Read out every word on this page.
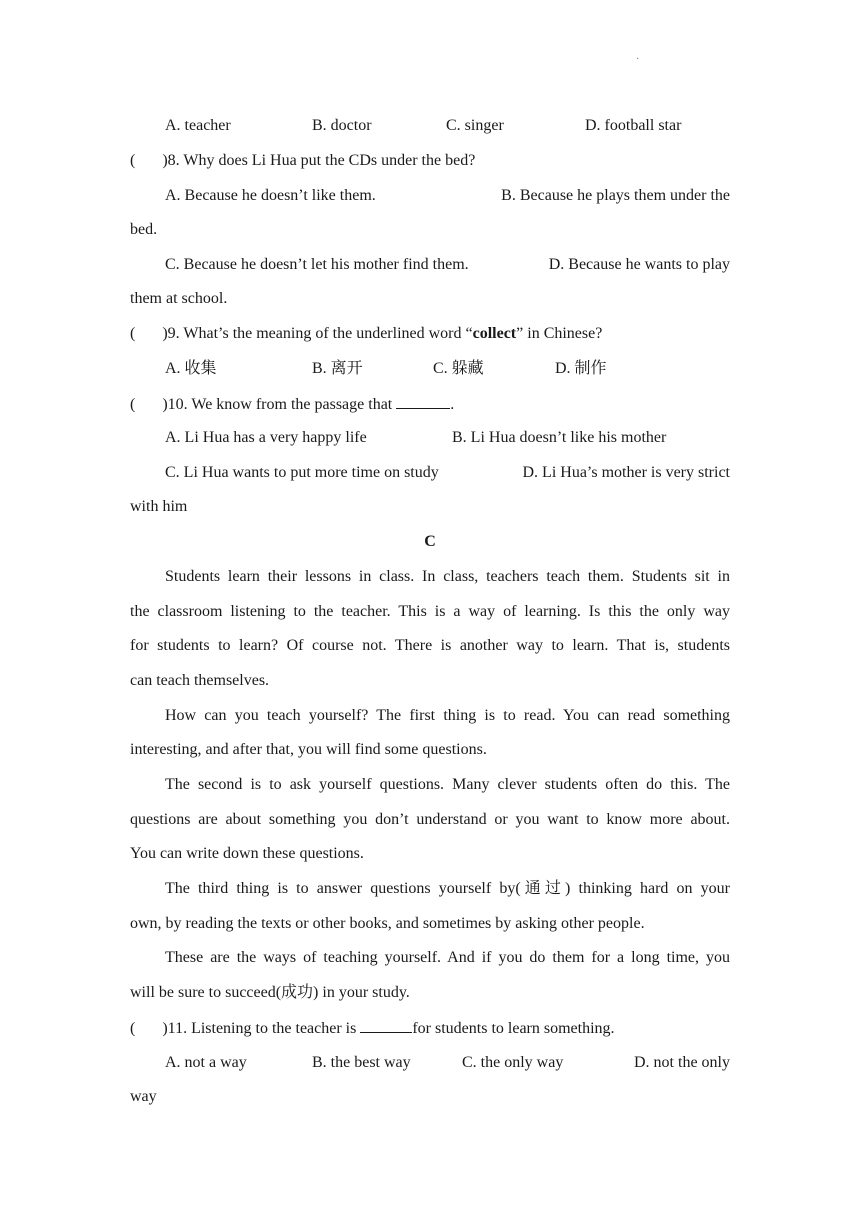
·
A. teacher	B. doctor	C. singer	D. football star
( )8. Why does Li Hua put the CDs under the bed?
A. Because he doesn’t like them.	B. Because he plays them under the
bed.
C. Because he doesn’t let his mother find them.	D. Because he wants to play
them at school.
( )9. What’s the meaning of the underlined word “collect” in Chinese?
A. 收集	B. 离开	C. 躲藏	D. 制作
( )10. We know from the passage that	.
A. Li Hua has a very happy life	B. Li Hua doesn’t like his mother
C. Li Hua wants to put more time on study	D. Li Hua’s mother is very strict
with him
C
Students learn their lessons in class. In class, teachers teach them. Students sit in
the classroom listening to the teacher. This is a way of learning. Is this the only way
for students to learn? Of course not. There is another way to learn. That is, students
can teach themselves.
How can you teach yourself? The first thing is to read. You can read something
interesting, and after that, you will find some questions.
The second is to ask yourself questions. Many clever students often do this. The
questions are about something you don’t understand or you want to know more about.
You can write down these questions.
The third thing is to answer questions yourself by(通过) thinking hard on your
own, by reading the texts or other books, and sometimes by asking other people.
These are the ways of teaching yourself. And if you do them for a long time, you
will be sure to succeed(成功) in your study.
( )11. Listening to the teacher is	for students to learn something.
A. not a way	B. the best way	C. the only way	D. not the only
way
